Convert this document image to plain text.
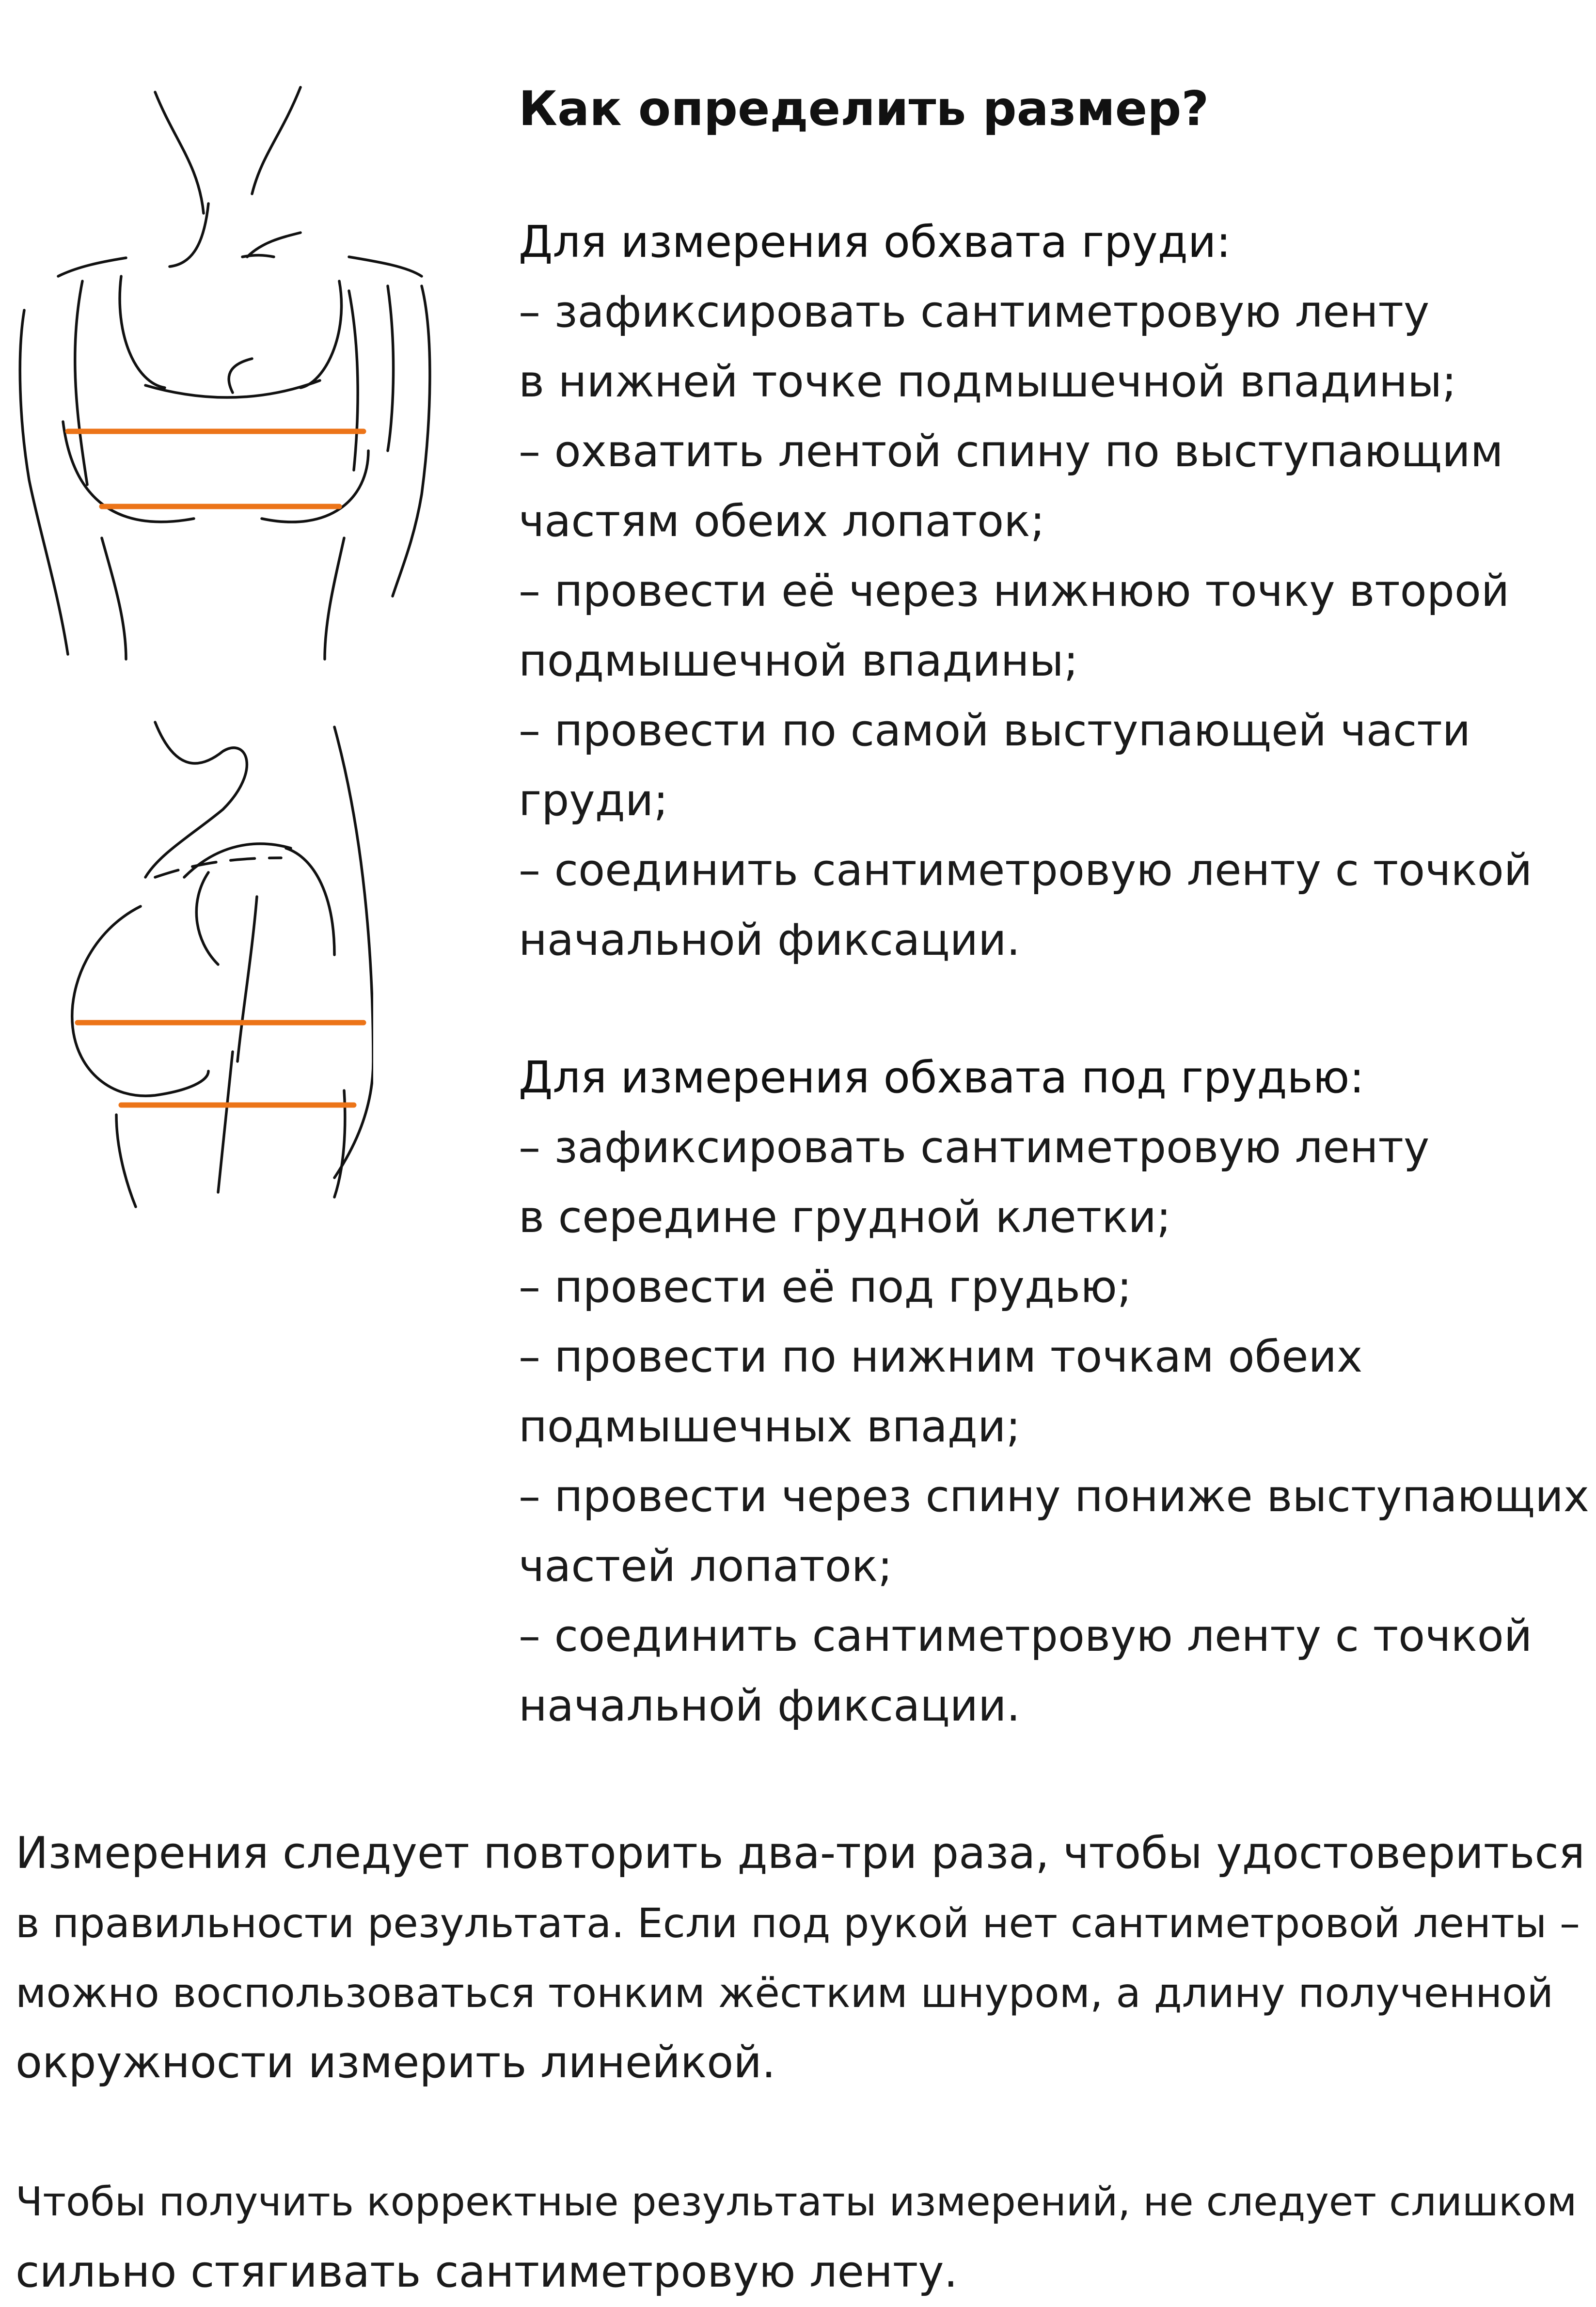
Как определить размер?
Для измерения обхвата груди:
– зафиксировать сантиметровую ленту
в нижней точке подмышечной впадины;
– охватить лентой спину по выступающим
частям обеих лопаток;
– провести её через нижнюю точку второй
подмышечной впадины;
– провести по самой выступающей части
груди;
– соединить сантиметровую ленту с точкой
начальной фиксации.
Для измерения обхвата под грудью:
– зафиксировать сантиметровую ленту
в середине грудной клетки;
– провести её под грудью;
– провести по нижним точкам обеих
подмышечных впади;
– провести через спину пониже выступающих
частей лопаток;
– соединить сантиметровую ленту с точкой
начальной фиксации.

Измерения следует повторить два-три раза, чтобы удостовериться
в правильности результата. Если под рукой нет сантиметровой ленты –
можно воспользоваться тонким жёстким шнуром, а длину полученной
окружности измерить линейкой.

Чтобы получить корректные результаты измерений, не следует слишком
сильно стягивать сантиметровую ленту.
